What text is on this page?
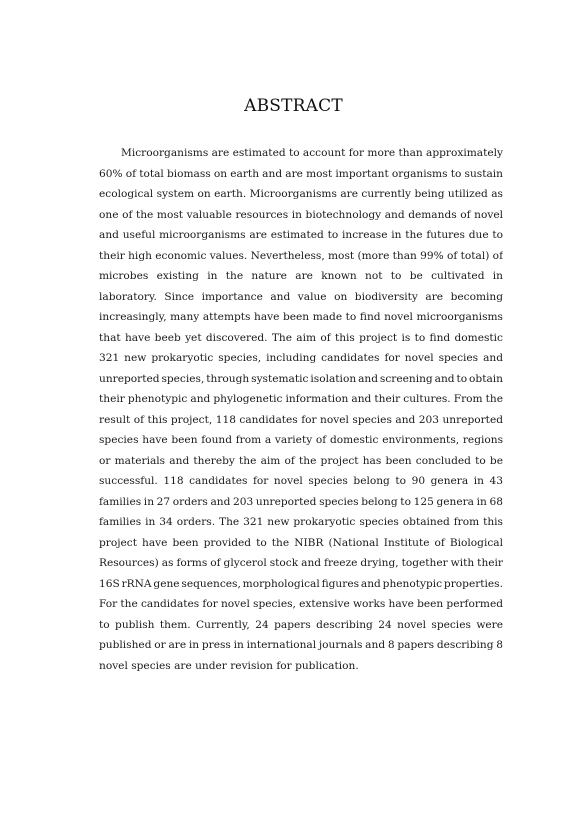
ABSTRACT
Microorganisms are estimated to account for more than approximately
60% of total biomass on earth and are most important organisms to sustain
ecological system on earth. Microorganisms are currently being utilized as
one of the most valuable resources in biotechnology and demands of novel
and useful microorganisms are estimated to increase in the futures due to
their high economic values. Nevertheless, most (more than 99% of total) of
microbes existing in the nature are known not to be cultivated in
laboratory. Since importance and value on biodiversity are becoming
increasingly, many attempts have been made to find novel microorganisms
that have beeb yet discovered. The aim of this project is to find domestic
321 new prokaryotic species, including candidates for novel species and
unreported species, through systematic isolation and screening and to obtain
their phenotypic and phylogenetic information and their cultures. From the
result of this project, 118 candidates for novel species and 203 unreported
species have been found from a variety of domestic environments, regions
or materials and thereby the aim of the project has been concluded to be
successful. 118 candidates for novel species belong to 90 genera in 43
families in 27 orders and 203 unreported species belong to 125 genera in 68
families in 34 orders. The 321 new prokaryotic species obtained from this
project have been provided to the NIBR (National Institute of Biological
Resources) as forms of glycerol stock and freeze drying, together with their
16S rRNA gene sequences, morphological figures and phenotypic properties.
For the candidates for novel species, extensive works have been performed
to publish them. Currently, 24 papers describing 24 novel species were
published or are in press in international journals and 8 papers describing 8
novel species are under revision for publication.
